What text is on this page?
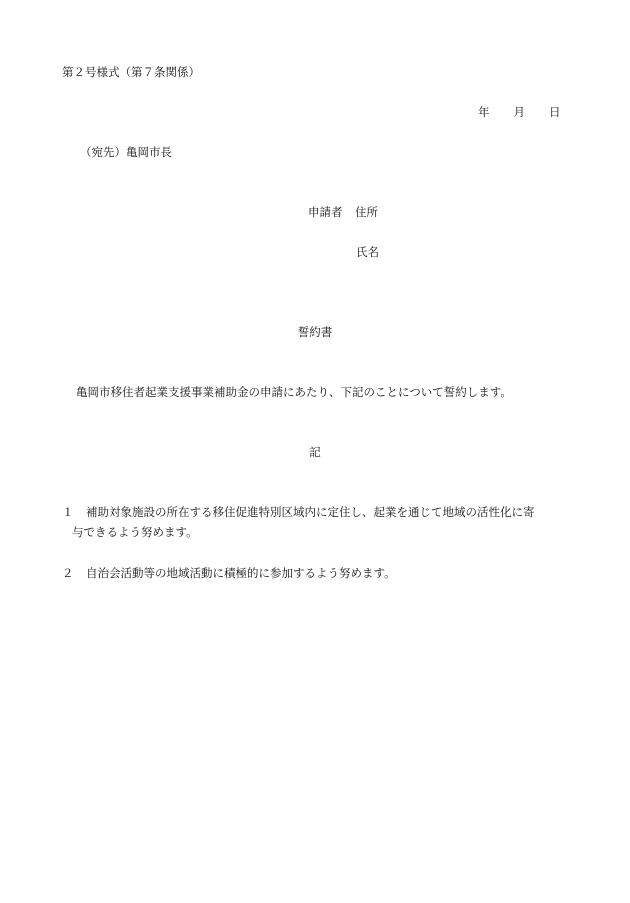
第２号様式（第７条関係）
年 月 日
（宛先）亀岡市長
申請者 住所
氏名
誓約書
亀岡市移住者起業支援事業補助金の申請にあたり、下記のことについて誓約します。
記
１	補助対象施設の所在する移住促進特別区域内に定住し、起業を通じて地域の活性化に寄
与できるよう努めます。
２	自治会活動等の地域活動に積極的に参加するよう努めます。
